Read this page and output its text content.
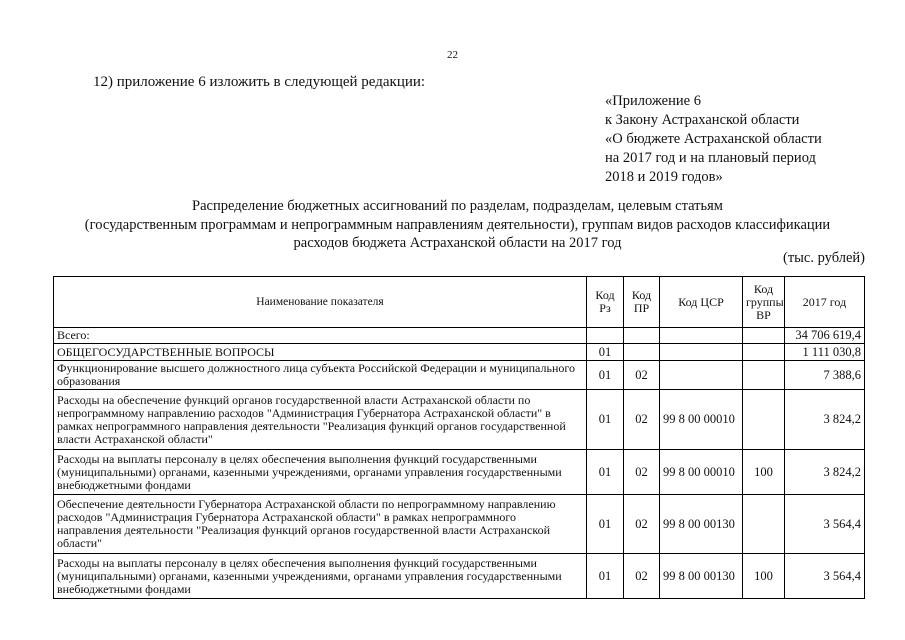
22
12) приложение 6 изложить в следующей редакции:
«Приложение 6
к Закону Астраханской области
«О бюджете Астраханской области
на 2017 год и на плановый период
2018 и 2019 годов»
Распределение бюджетных ассигнований по разделам, подразделам, целевым статьям
(государственным программам и непрограммным направлениям деятельности), группам видов расходов классификации
расходов бюджета Астраханской области на 2017 год
(тыс. рублей)
Наименование показателя	Код Рз	Код ПР	Код ЦСР	Код группы ВР	2017 год
Всего:					34 706 619,4
ОБЩЕГОСУДАРСТВЕННЫЕ ВОПРОСЫ	01				1 111 030,8
Функционирование высшего должностного лица субъекта Российской Федерации и муниципального образования	01	02			7 388,6
Расходы на обеспечение функций органов государственной власти Астраханской области по непрограммному направлению расходов "Администрация Губернатора Астраханской области" в рамках непрограммного направления деятельности "Реализация функций органов государственной власти Астраханской области"	01	02	99 8 00 00010		3 824,2
Расходы на выплаты персоналу в целях обеспечения выполнения функций государственными (муниципальными) органами, казенными учреждениями, органами управления государственными внебюджетными фондами	01	02	99 8 00 00010	100	3 824,2
Обеспечение деятельности Губернатора Астраханской области по непрограммному направлению расходов "Администрация Губернатора Астраханской области" в рамках непрограммного направления деятельности "Реализация функций органов государственной власти Астраханской области"	01	02	99 8 00 00130		3 564,4
Расходы на выплаты персоналу в целях обеспечения выполнения функций государственными (муниципальными) органами, казенными учреждениями, органами управления государственными внебюджетными фондами	01	02	99 8 00 00130	100	3 564,4
